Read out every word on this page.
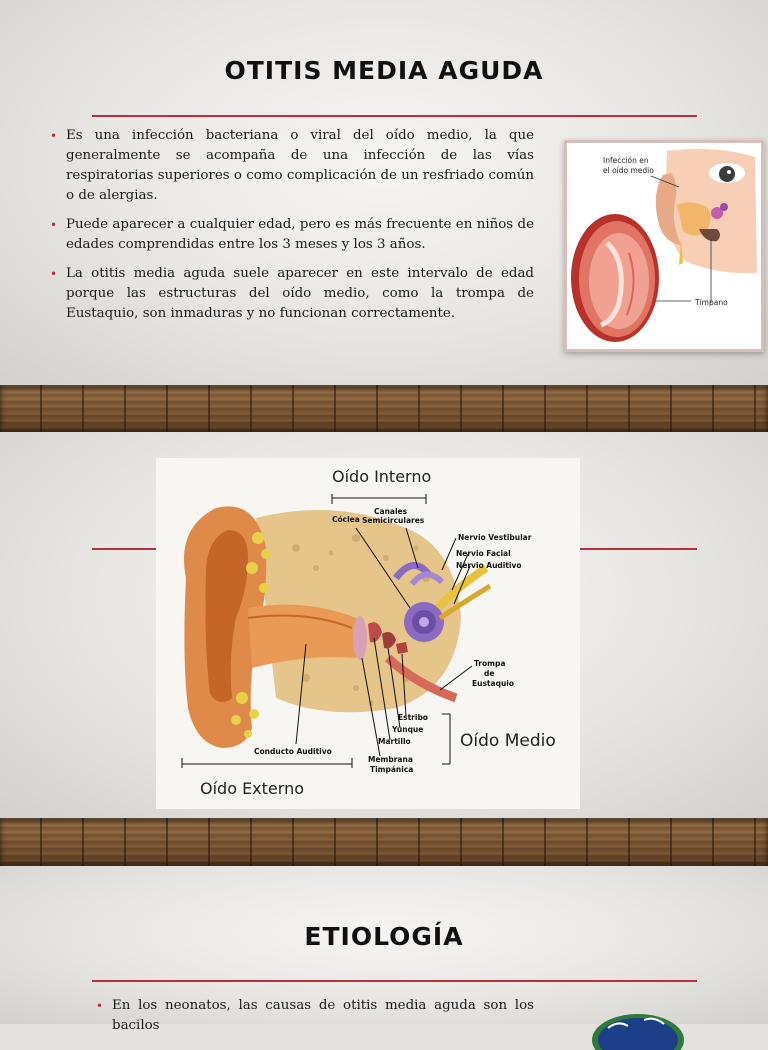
OTITIS MEDIA AGUDA
• Es una infección bacteriana o viral del oído medio, la que generalmente se acompaña de una infección de las vías respiratorias superiores o como complicación de un resfriado común o de alergias.
• Puede aparecer a cualquier edad, pero es más frecuente en niños de edades comprendidas entre los 3 meses y los 3 años.
• La otitis media aguda suele aparecer en este intervalo de edad porque las estructuras del oído medio, como la trompa de Eustaquio, son inmaduras y no funcionan correctamente.
Infección en
el oído medio
Tímpano
Oído Interno
Oído Medio
Oído Externo
Cóclea
Canales
Semicirculares
Nervio Vestibular
Nervio Facial
Nervio Auditivo
Trompa
de
Eustaquio
Estribo
Yunque
Martillo
Membrana
Timpánica
Conducto Auditivo
ETIOLOGÍA
• En los neonatos, las causas de otitis media aguda son los bacilos
